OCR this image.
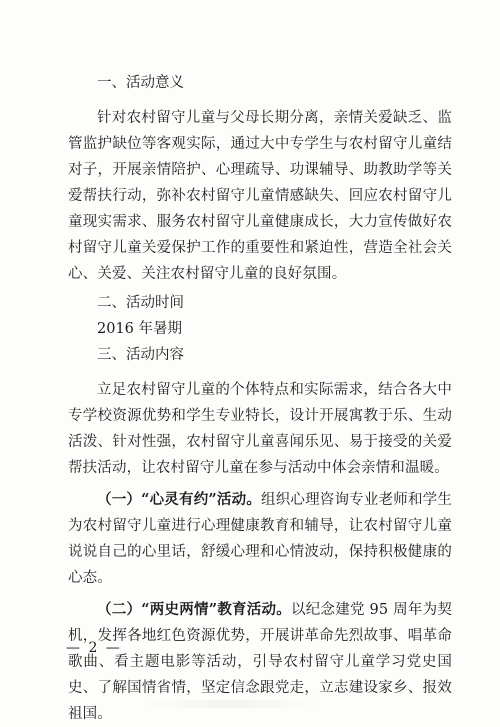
一、活动意义

针对农村留守儿童与父母长期分离，亲情关爱缺乏、监管监护缺位等客观实际，通过大中专学生与农村留守儿童结对子，开展亲情陪护、心理疏导、功课辅导、助教助学等关爱帮扶行动，弥补农村留守儿童情感缺失、回应农村留守儿童现实需求、服务农村留守儿童健康成长，大力宣传做好农村留守儿童关爱保护工作的重要性和紧迫性，营造全社会关心、关爱、关注农村留守儿童的良好氛围。

二、活动时间

2016 年暑期

三、活动内容

立足农村留守儿童的个体特点和实际需求，结合各大中专学校资源优势和学生专业特长，设计开展寓教于乐、生动活泼、针对性强，农村留守儿童喜闻乐见、易于接受的关爱帮扶活动，让农村留守儿童在参与活动中体会亲情和温暖。

（一）“心灵有约”活动。组织心理咨询专业老师和学生为农村留守儿童进行心理健康教育和辅导，让农村留守儿童说说自己的心里话，舒缓心理和心情波动，保持积极健康的心态。

（二）“两史两情”教育活动。以纪念建党 95 周年为契机，发挥各地红色资源优势，开展讲革命先烈故事、唱革命歌曲、看主题电影等活动，引导农村留守儿童学习党史国史、了解国情省情，坚定信念跟党走，立志建设家乡、报效祖国。

— 2 —
